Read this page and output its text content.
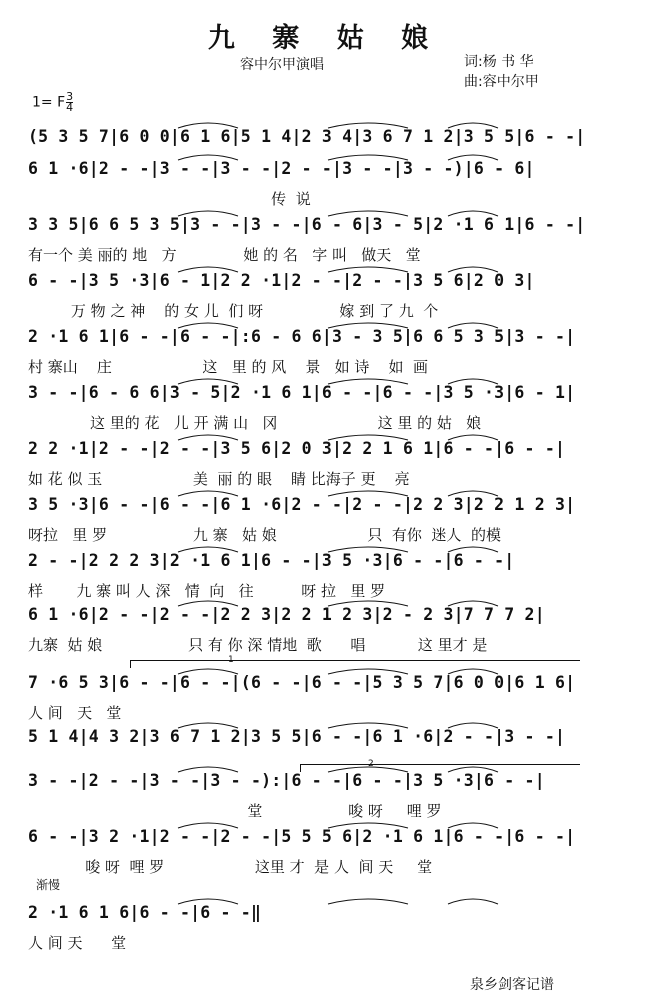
九 寨 姑 娘
容中尔甲演唱	词:杨 书 华
曲:容中尔甲
1= F $\frac{3}{4}$
(5 3 5 7|6 0 0|6 1 6|5 1 4|2 3 4|3 6 7 1 2|3 5 5|6 - -|
6 1 ·6|2 - -|3 - -|3 - -|2 - -|3 - -|3 - -)|6 - 6|
传  说
3 3 5|6 6 5 3 5|3 - -|3 - -|6 - 6|3 - 5|2 ·1 6 1|6 - -|
有一个 美 丽的 地   方              她 的 名   字 叫   做天   堂
6 - -|3 5 ·3|6 - 1|2 2 ·1|2 - -|2 - -|3 5 6|2 0 3|
万 物 之 神    的 女 儿  们 呀                嫁 到 了 九  个
2 ·1 6 1|6 - -|6 - -|:6 - 6 6|3 - 3 5|6 6 5 3 5|3 - -|
村 寨山    庄                   这   里 的 风    景   如 诗    如  画
3 - -|6 - 6 6|3 - 5|2 ·1 6 1|6 - -|6 - -|3 5 ·3|6 - 1|
这 里的 花   儿 开 满 山   冈                     这 里 的 姑   娘
2 2 ·1|2 - -|2 - -|3 5 6|2 0 3|2 2 1 6 1|6 - -|6 - -|
如 花 似 玉                   美  丽 的 眼    睛 比海子 更    亮
3 5 ·3|6 - -|6 - -|6 1 ·6|2 - -|2 - -|2 2 3|2 2 1 2 3|
呀拉   里 罗                  九 寨   姑 娘                   只  有你  迷人  的模
2 - -|2 2 2 3|2 ·1 6 1|6 - -|3 5 ·3|6 - -|6 - -|
样       九 寨 叫 人 深   情  向   往          呀 拉   里 罗
6 1 ·6|2 - -|2 - -|2 2 3|2 2 1 2 3|2 - 2 3|7 7 7 2|
九寨  姑 娘                  只 有 你 深 情地  歌      唱           这 里才 是
7 ·6 5 3|6 - -|6 - -|(6 - -|6 - -|5 3 5 7|6 0 0|6 1 6|
人 间   天   堂
5 1 4|4 3 2|3 6 7 1 2|3 5 5|6 - -|6 1 ·6|2 - -|3 - -|
3 - -|2 - -|3 - -|3 - -):|6 - -|6 - -|3 5 ·3|6 - -|
堂                  唆 呀     哩 罗
6 - -|3 2 ·1|2 - -|2 - -|5 5 5 6|2 ·1 6 1|6 - -|6 - -|
唆 呀  哩 罗                   这里 才  是 人  间 天     堂
2 ·1 6 1 6|6 - -|6 - -‖
人 间 天      堂
1
2
渐慢
泉乡剑客记谱
